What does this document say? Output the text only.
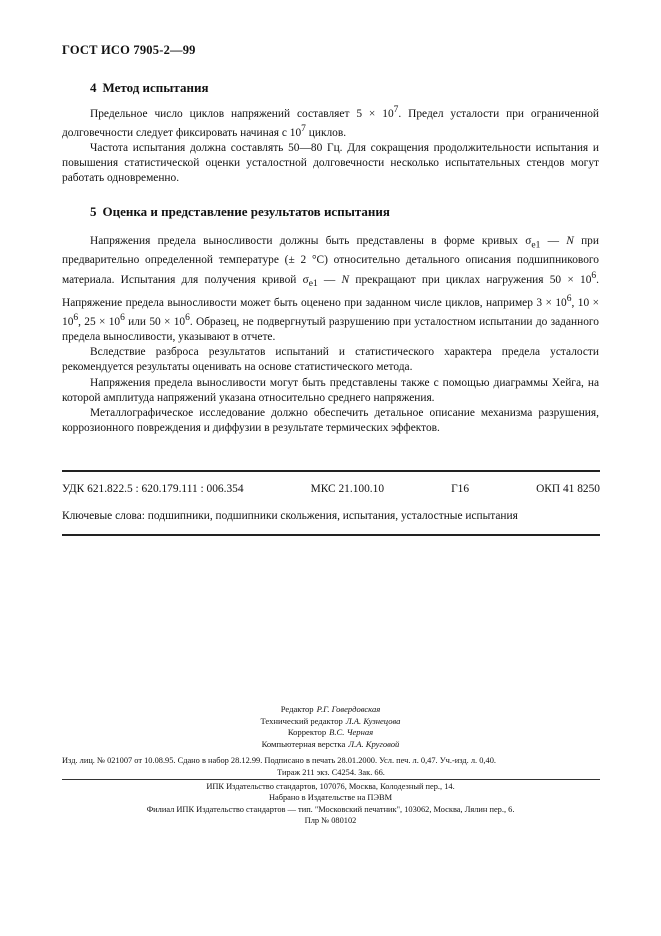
ГОСТ ИСО 7905-2—99
4 Метод испытания

Предельное число циклов напряжений составляет $5 \times 10^7$. Предел усталости при ограниченной долговечности следует фиксировать начиная с $10^7$ циклов.

Частота испытания должна составлять 50—80 Гц. Для сокращения продолжительности испытания и повышения статистической оценки усталостной долговечности несколько испытательных стендов могут работать одновременно.

5 Оценка и представление результатов испытания

Напряжения предела выносливости должны быть представлены в форме кривых $\sigma_{e1}$ — N при предварительно определенной температуре (± 2 °C) относительно детального описания подшипникового материала. Испытания для получения кривой $\sigma_{e1}$ — N прекращают при циклах нагружения $50 \times 10^6$. Напряжение предела выносливости может быть оценено при заданном числе циклов, например $3 \times 10^6$, $10 \times 10^6$, $25 \times 10^6$ или $50 \times 10^6$. Образец, не подвергнутый разрушению при усталостном испытании до заданного предела выносливости, указывают в отчете.

Вследствие разброса результатов испытаний и статистического характера предела усталости рекомендуется результаты оценивать на основе статистического метода.

Напряжения предела выносливости могут быть представлены также с помощью диаграммы Хейга, на которой амплитуда напряжений указана относительно среднего напряжения.

Металлографическое исследование должно обеспечить детальное описание механизма разрушения, коррозионного повреждения и диффузии в результате термических эффектов.

УДК 621.822.5 : 620.179.111 : 006.354	МКС 21.100.10	Г16	ОКП 41 8250
Ключевые слова: подшипники, подшипники скольжения, испытания, усталостные испытания
Редактор Р.Г. Говердовская
Технический редактор Л.А. Кузнецова
Корректор В.С. Черная
Компьютерная верстка Л.А. Круговой
Изд. лиц. № 021007 от 10.08.95. Сдано в набор 28.12.99. Подписано в печать 28.01.2000. Усл. печ. л. 0,47. Уч.-изд. л. 0,40.
Тираж 211 экз. С4254. Зак. 66.
ИПК Издательство стандартов, 107076, Москва, Колодезный пер., 14.
Набрано в Издательстве на ПЭВМ
Филиал ИПК Издательство стандартов — тип. "Московский печатник", 103062, Москва, Лялин пер., 6.
Плр № 080102
